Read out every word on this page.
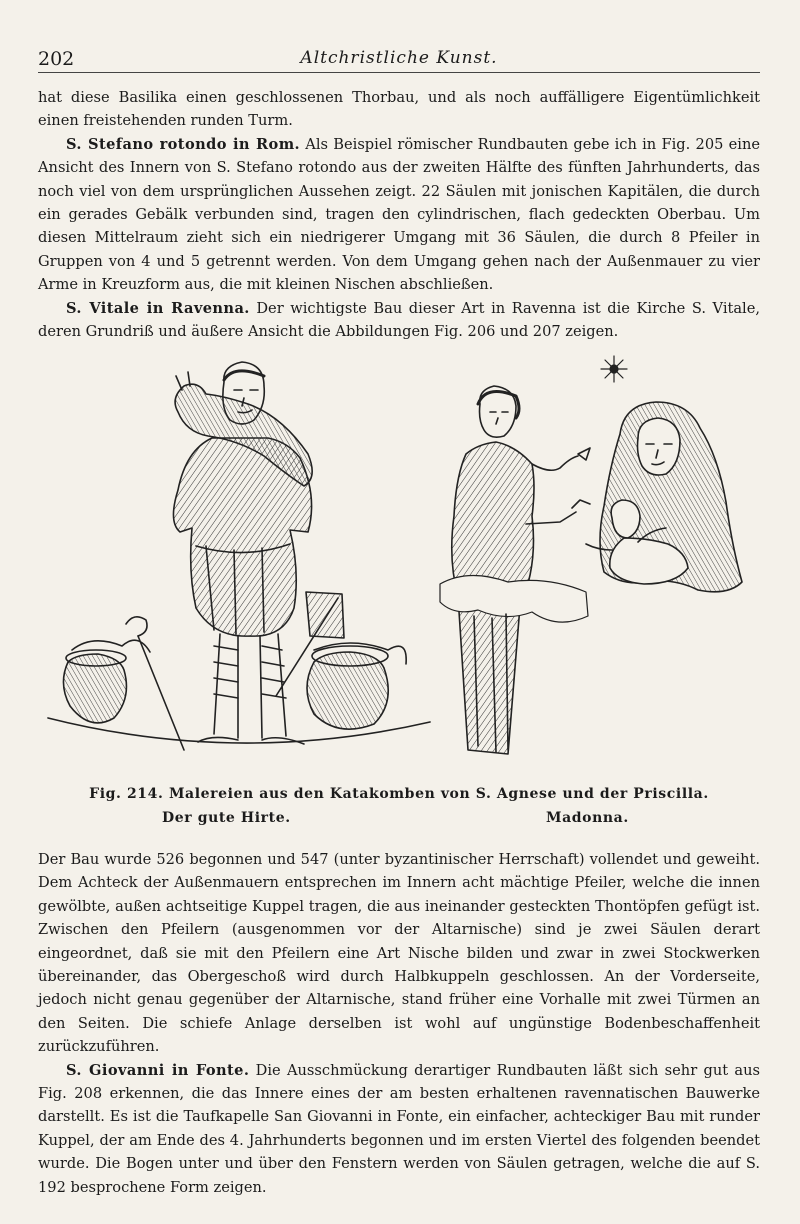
202	Altchristliche Kunst.

hat diese Basilika einen geschlossenen Thorbau, und als noch auffälligere Eigentümlichkeit einen freistehenden runden Turm.

S. Stefano rotondo in Rom. Als Beispiel römischer Rundbauten gebe ich in Fig. 205 eine Ansicht des Innern von S. Stefano rotondo aus der zweiten Hälfte des fünften Jahrhunderts, das noch viel von dem ursprünglichen Aussehen zeigt. 22 Säulen mit jonischen Kapitälen, die durch ein gerades Gebälk verbunden sind, tragen den cylindrischen, flach gedeckten Oberbau. Um diesen Mittelraum zieht sich ein niedrigerer Umgang mit 36 Säulen, die durch 8 Pfeiler in Gruppen von 4 und 5 getrennt werden. Von dem Umgang gehen nach der Außenmauer zu vier Arme in Kreuzform aus, die mit kleinen Nischen abschließen.

S. Vitale in Ravenna. Der wichtigste Bau dieser Art in Ravenna ist die Kirche S. Vitale, deren Grundriß und äußere Ansicht die Abbildungen Fig. 206 und 207 zeigen.

Fig. 214. Malereien aus den Katakomben von S. Agnese und der Priscilla.
Der gute Hirte.	Madonna.

Der Bau wurde 526 begonnen und 547 (unter byzantinischer Herrschaft) vollendet und geweiht. Dem Achteck der Außenmauern entsprechen im Innern acht mächtige Pfeiler, welche die innen gewölbte, außen achtseitige Kuppel tragen, die aus ineinander gesteckten Thontöpfen gefügt ist. Zwischen den Pfeilern (ausgenommen vor der Altarnische) sind je zwei Säulen derart eingeordnet, daß sie mit den Pfeilern eine Art Nische bilden und zwar in zwei Stockwerken übereinander, das Obergeschoß wird durch Halbkuppeln geschlossen. An der Vorderseite, jedoch nicht genau gegenüber der Altarnische, stand früher eine Vorhalle mit zwei Türmen an den Seiten. Die schiefe Anlage derselben ist wohl auf ungünstige Bodenbeschaffenheit zurückzuführen.

S. Giovanni in Fonte. Die Ausschmückung derartiger Rundbauten läßt sich sehr gut aus Fig. 208 erkennen, die das Innere eines der am besten erhaltenen ravennatischen Bauwerke darstellt. Es ist die Taufkapelle San Giovanni in Fonte, ein einfacher, achteckiger Bau mit runder Kuppel, der am Ende des 4. Jahrhunderts begonnen und im ersten Viertel des folgenden beendet wurde. Die Bogen unter und über den Fenstern werden von Säulen getragen, welche die auf S. 192 besprochene Form zeigen.
